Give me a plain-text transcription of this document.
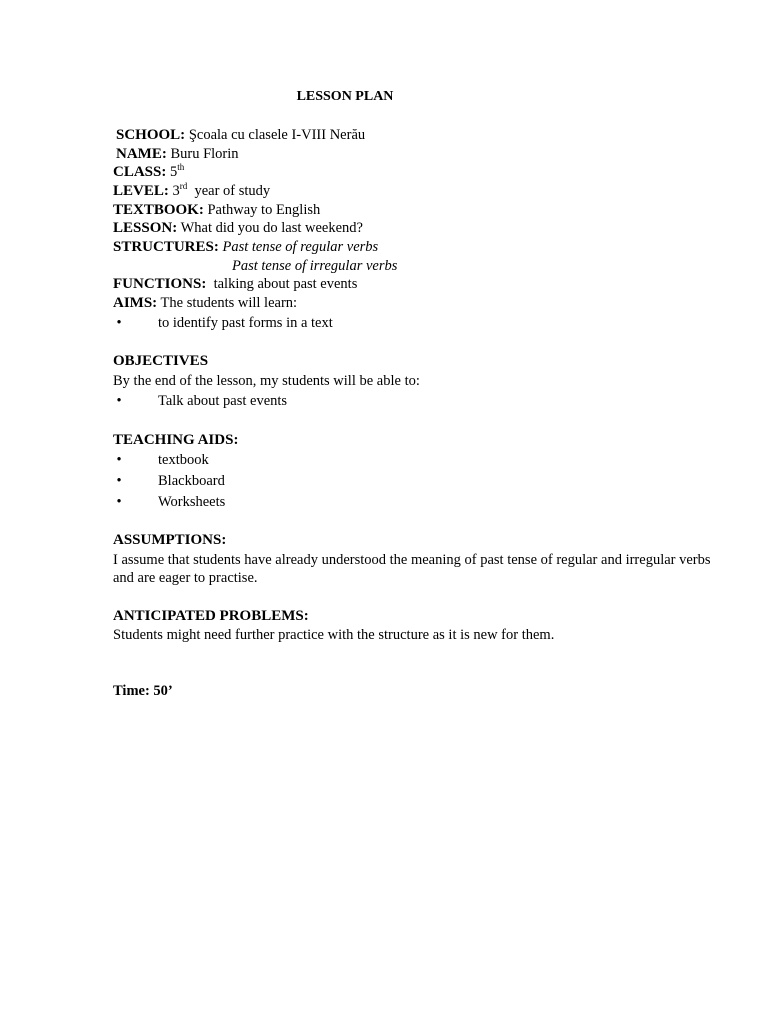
LESSON PLAN
SCHOOL: Şcoala cu clasele I-VIII Nerău
NAME: Buru Florin
CLASS: 5th
LEVEL: 3rd year of study
TEXTBOOK: Pathway to English
LESSON: What did you do last weekend?
STRUCTURES: Past tense of regular verbs
Past tense of irregular verbs
FUNCTIONS: talking about past events
AIMS: The students will learn:
•	to identify past forms in a text
OBJECTIVES
By the end of the lesson, my students will be able to:
•	Talk about past events
TEACHING AIDS:
•	textbook
•	Blackboard
•	Worksheets
ASSUMPTIONS:
I assume that students have already understood the meaning of past tense of regular and irregular verbs and are eager to practise.
ANTICIPATED PROBLEMS:
Students might need further practice with the structure as it is new for them.
Time: 50’
